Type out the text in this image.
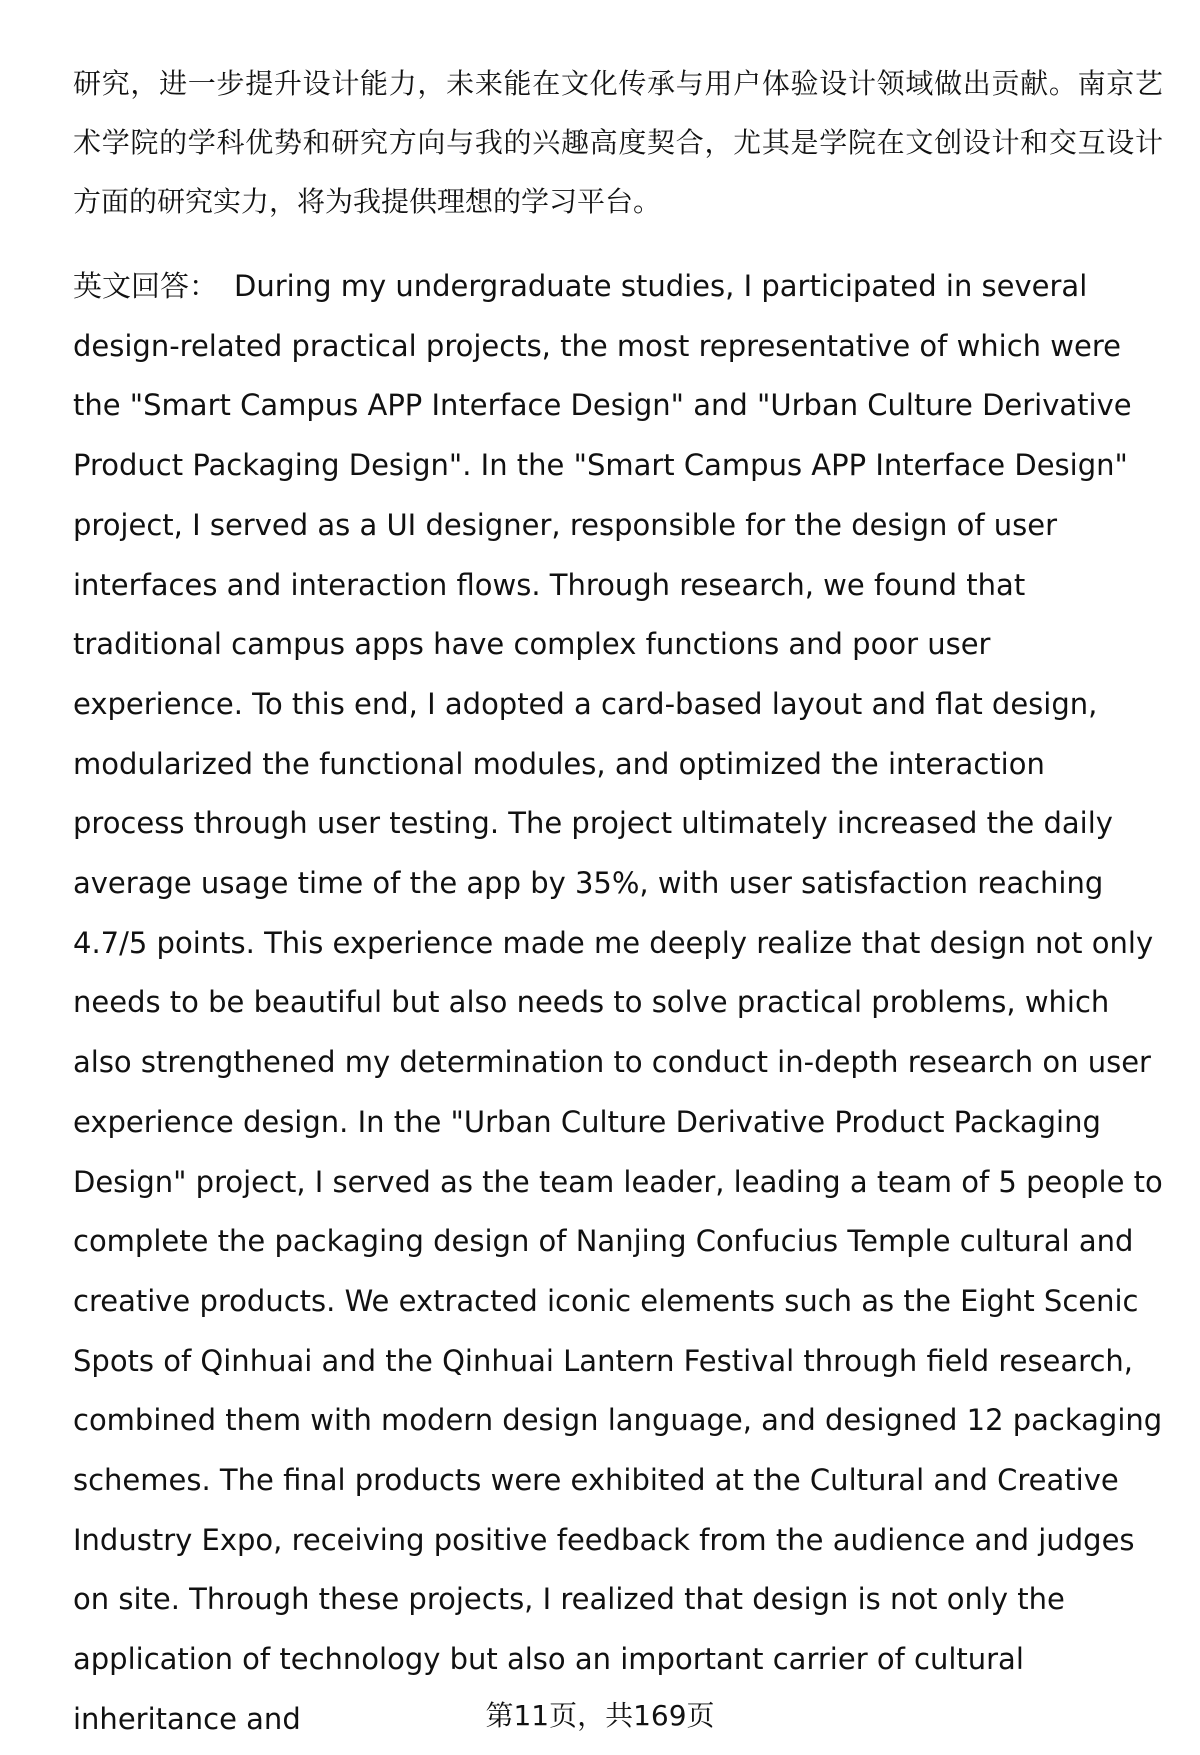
研究，进一步提升设计能力，未来能在文化传承与用户体验设计领域做出贡献。南京艺术学院的学科优势和研究方向与我的兴趣高度契合，尤其是学院在文创设计和交互设计方面的研究实力，将为我提供理想的学习平台。

英文回答： During my undergraduate studies, I participated in several design-related practical projects, the most representative of which were the "Smart Campus APP Interface Design" and "Urban Culture Derivative Product Packaging Design". In the "Smart Campus APP Interface Design" project, I served as a UI designer, responsible for the design of user interfaces and interaction flows. Through research, we found that traditional campus apps have complex functions and poor user experience. To this end, I adopted a card-based layout and flat design, modularized the functional modules, and optimized the interaction process through user testing. The project ultimately increased the daily average usage time of the app by 35%, with user satisfaction reaching 4.7/5 points. This experience made me deeply realize that design not only needs to be beautiful but also needs to solve practical problems, which also strengthened my determination to conduct in-depth research on user experience design. In the "Urban Culture Derivative Product Packaging Design" project, I served as the team leader, leading a team of 5 people to complete the packaging design of Nanjing Confucius Temple cultural and creative products. We extracted iconic elements such as the Eight Scenic Spots of Qinhuai and the Qinhuai Lantern Festival through field research, combined them with modern design language, and designed 12 packaging schemes. The final products were exhibited at the Cultural and Creative Industry Expo, receiving positive feedback from the audience and judges on site. Through these projects, I realized that design is not only the application of technology but also an important carrier of cultural inheritance and	第11页，共169页
